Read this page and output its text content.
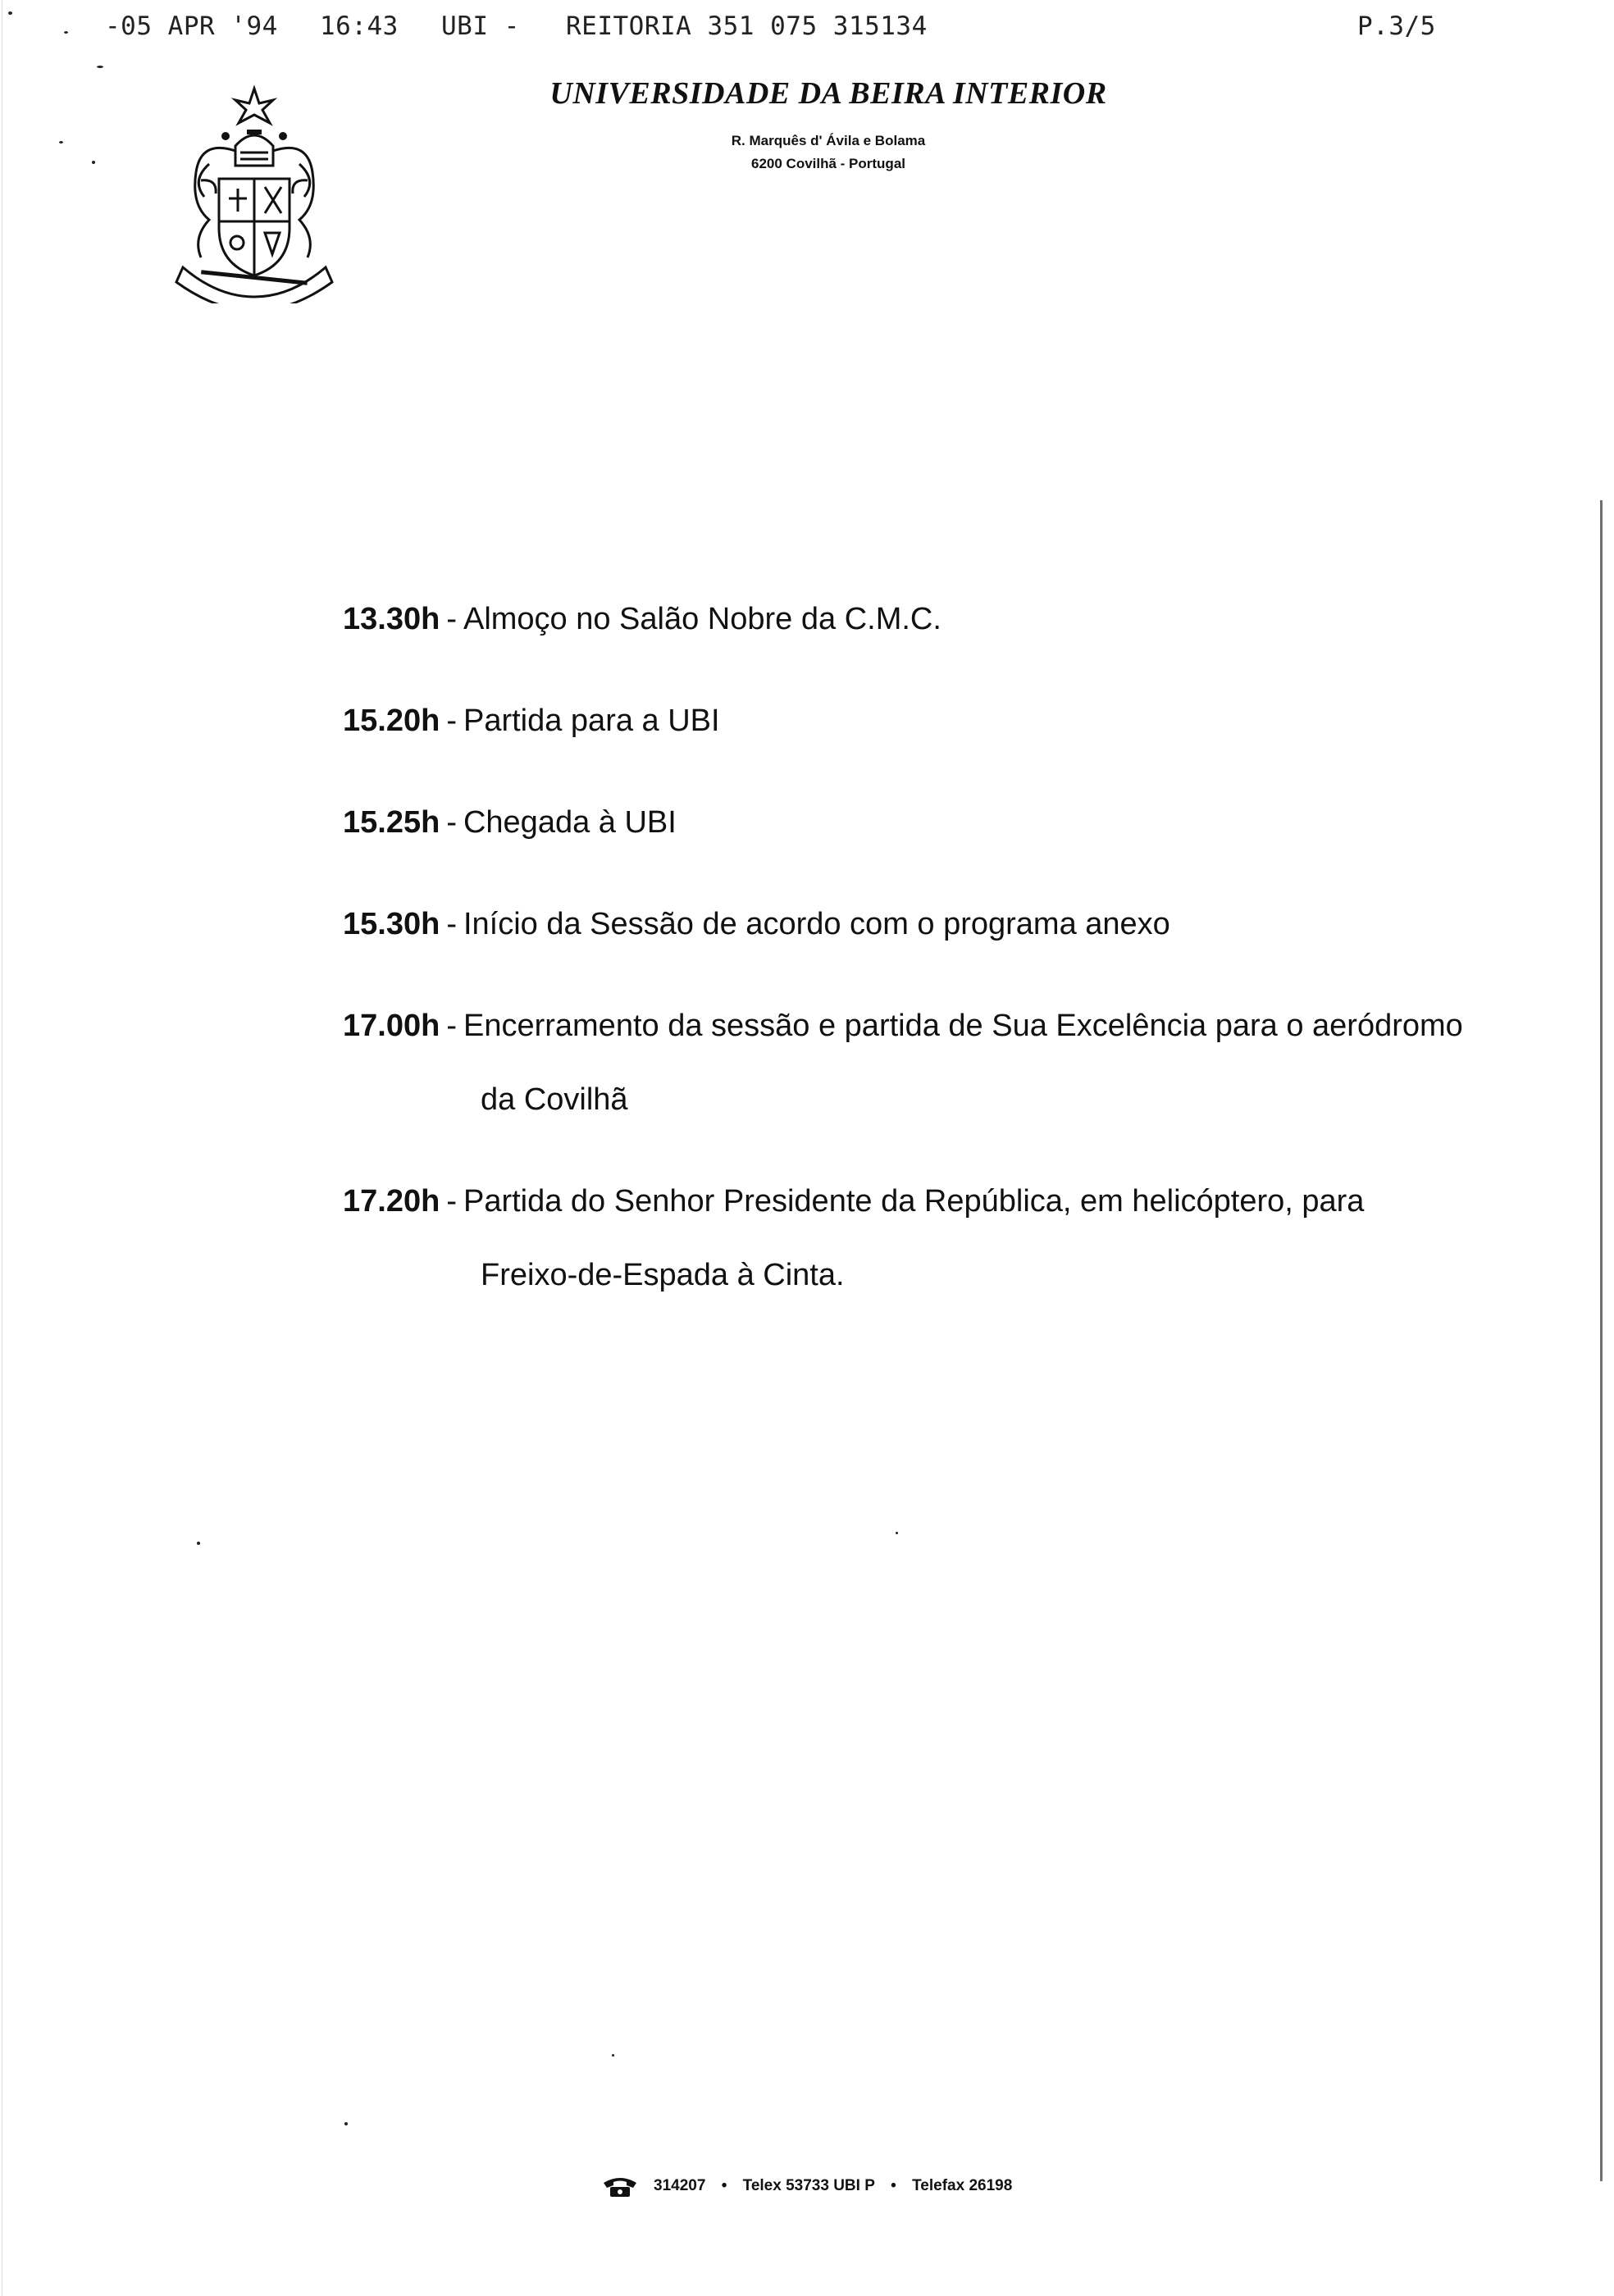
-05 APR '94 16:43 UBI - REITORIA 351 075 315134	P.3/5
UNIVERSIDADE DA BEIRA INTERIOR
R. Marquês d' Ávila e Bolama
6200 Covilhã - Portugal
13.30h - Almoço no Salão Nobre da C.M.C.
15.20h - Partida para a UBI
15.25h - Chegada à UBI
15.30h - Início da Sessão de acordo com o programa anexo
17.00h - Encerramento da sessão e partida de Sua Excelência para o aeródromo
da Covilhã
17.20h - Partida do Senhor Presidente da República, em helicóptero, para
Freixo-de-Espada à Cinta.
314207 • Telex 53733 UBI P • Telefax 26198
